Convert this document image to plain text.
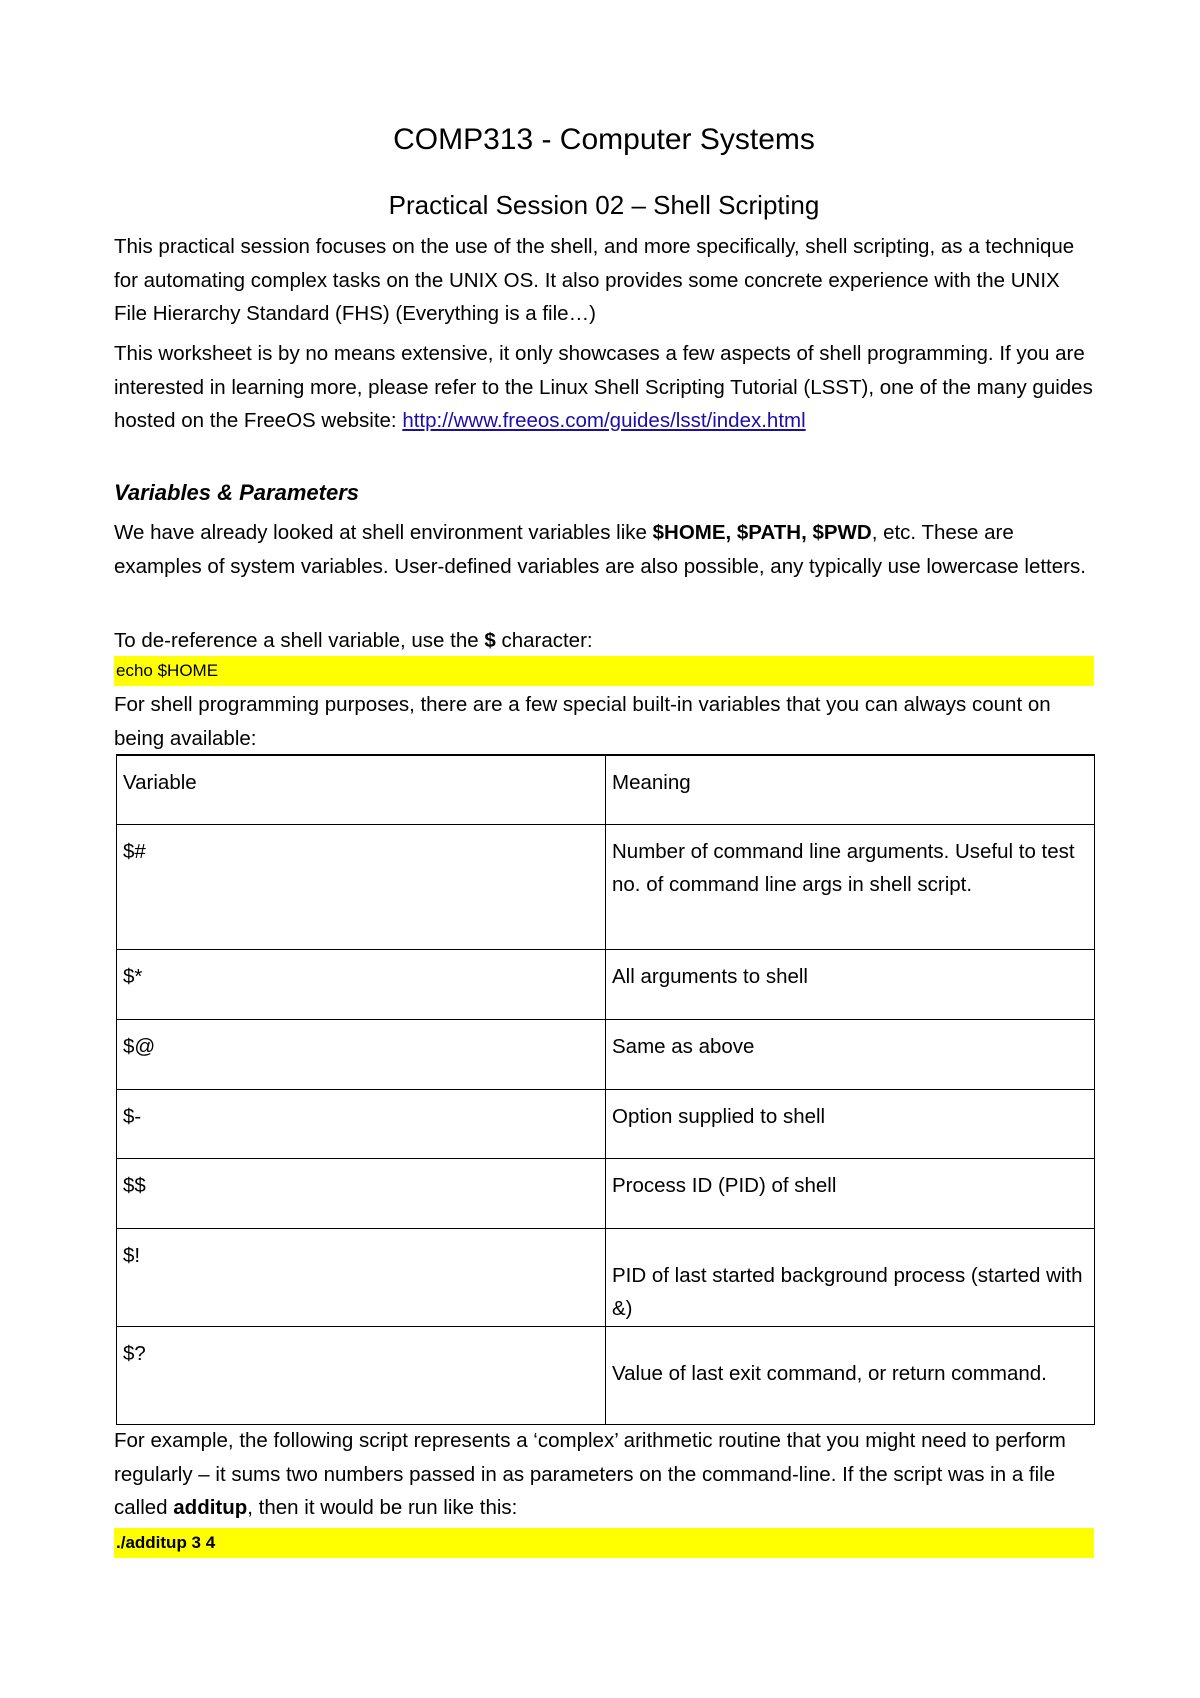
COMP313 - Computer Systems
Practical Session 02 – Shell Scripting

This practical session focuses on the use of the shell, and more specifically, shell scripting, as a technique for automating complex tasks on the UNIX OS. It also provides some concrete experience with the UNIX File Hierarchy Standard (FHS) (Everything is a file…)

This worksheet is by no means extensive, it only showcases a few aspects of shell programming. If you are interested in learning more, please refer to the Linux Shell Scripting Tutorial (LSST), one of the many guides hosted on the FreeOS website: http://www.freeos.com/guides/lsst/index.html

Variables & Parameters

We have already looked at shell environment variables like $HOME, $PATH, $PWD, etc. These are examples of system variables. User-defined variables are also possible, any typically use lowercase letters.

To de-reference a shell variable, use the $ character:

echo $HOME

For shell programming purposes, there are a few special built-in variables that you can always count on being available:

Variable	Meaning
$#	Number of command line arguments. Useful to test no. of command line args in shell script.
$*	All arguments to shell
$@	Same as above
$-	Option supplied to shell
$$	Process ID (PID) of shell
$!	PID of last started background process (started with &)
$?	Value of last exit command, or return command.

For example, the following script represents a ‘complex’ arithmetic routine that you might need to perform regularly – it sums two numbers passed in as parameters on the command-line. If the script was in a file called additup, then it would be run like this:

./additup 3 4
